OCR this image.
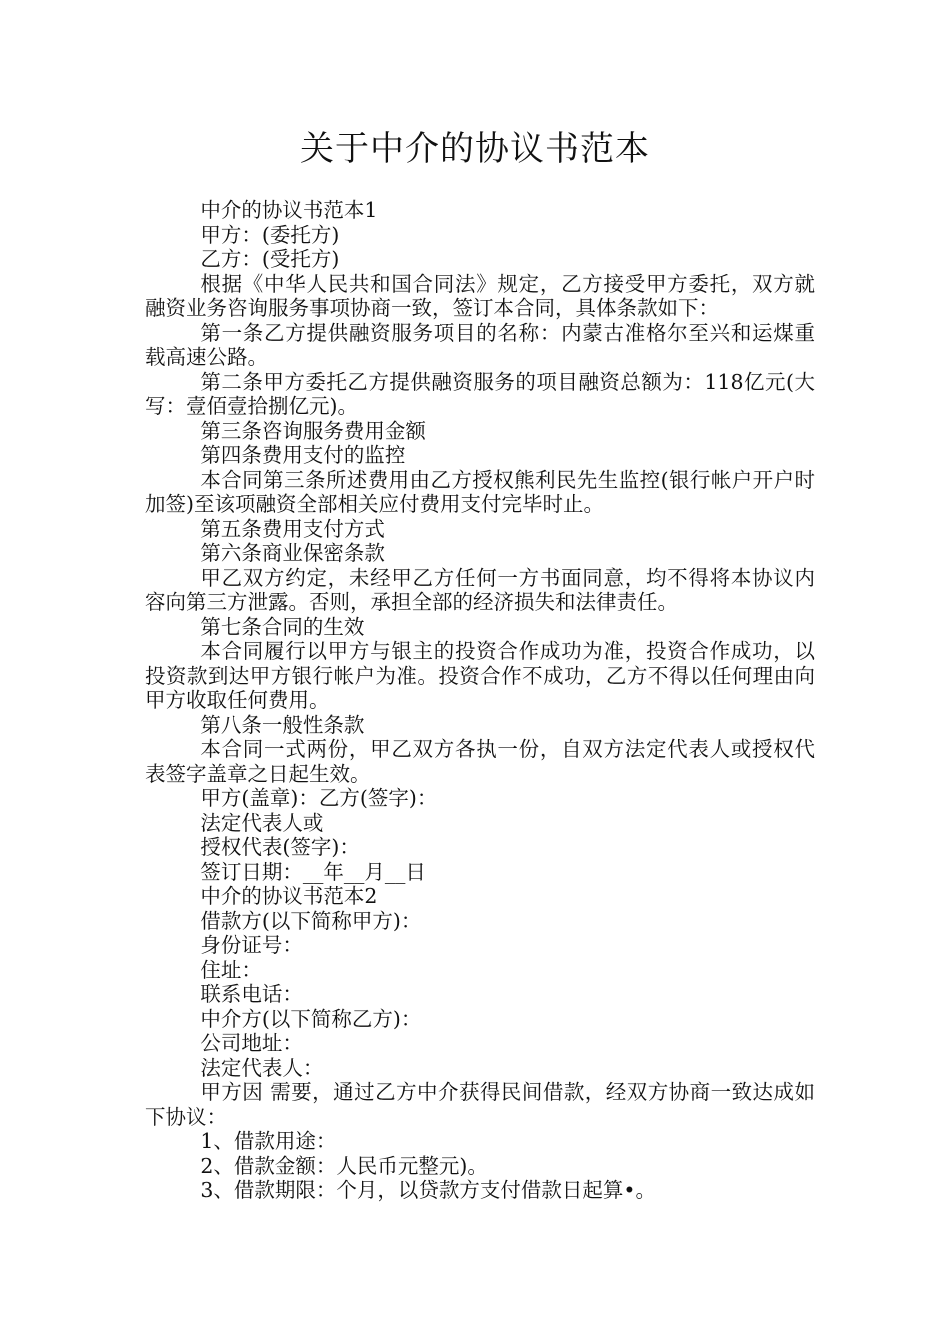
关于中介的协议书范本

中介的协议书范本1

甲方：(委托方)

乙方：(受托方)

根据《中华人民共和国合同法》规定，乙方接受甲方委托，双方就融资业务咨询服务事项协商一致，签订本合同，具体条款如下：

第一条乙方提供融资服务项目的名称：内蒙古准格尔至兴和运煤重载高速公路。

第二条甲方委托乙方提供融资服务的项目融资总额为：118亿元(大写：壹佰壹拾捌亿元)。

第三条咨询服务费用金额

第四条费用支付的监控

本合同第三条所述费用由乙方授权熊利民先生监控(银行帐户开户时加签)至该项融资全部相关应付费用支付完毕时止。

第五条费用支付方式

第六条商业保密条款

甲乙双方约定，未经甲乙方任何一方书面同意，均不得将本协议内容向第三方泄露。否则，承担全部的经济损失和法律责任。

第七条合同的生效

本合同履行以甲方与银主的投资合作成功为准，投资合作成功，以投资款到达甲方银行帐户为准。投资合作不成功，乙方不得以任何理由向甲方收取任何费用。

第八条一般性条款

本合同一式两份，甲乙双方各执一份，自双方法定代表人或授权代表签字盖章之日起生效。

甲方(盖章)：乙方(签字)：

法定代表人或

授权代表(签字)：

签订日期：__年__月__日

中介的协议书范本2

借款方(以下简称甲方)：

身份证号：

住址：

联系电话：

中介方(以下简称乙方)：

公司地址：

法定代表人：

甲方因 需要，通过乙方中介获得民间借款，经双方协商一致达成如下协议：

1、借款用途：

2、借款金额：人民币元整元)。

3、借款期限：个月，以贷款方支付借款日起算•。
